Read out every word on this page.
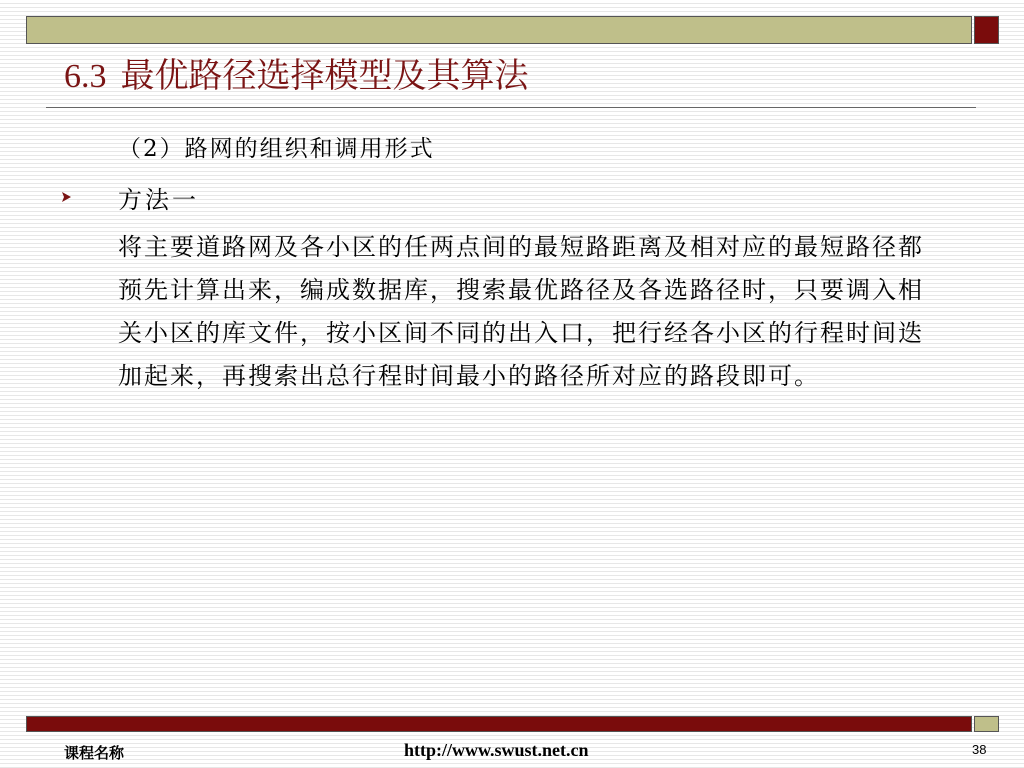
6.3 最优路径选择模型及其算法
（2）路网的组织和调用形式
方法一
将主要道路网及各小区的任两点间的最短路距离及相对应的最短路径都预先计算出来，编成数据库，搜索最优路径及各选路径时，只要调入相关小区的库文件，按小区间不同的出入口，把行经各小区的行程时间迭加起来，再搜索出总行程时间最小的路径所对应的路段即可。
课程名称	http://www.swust.net.cn	38
